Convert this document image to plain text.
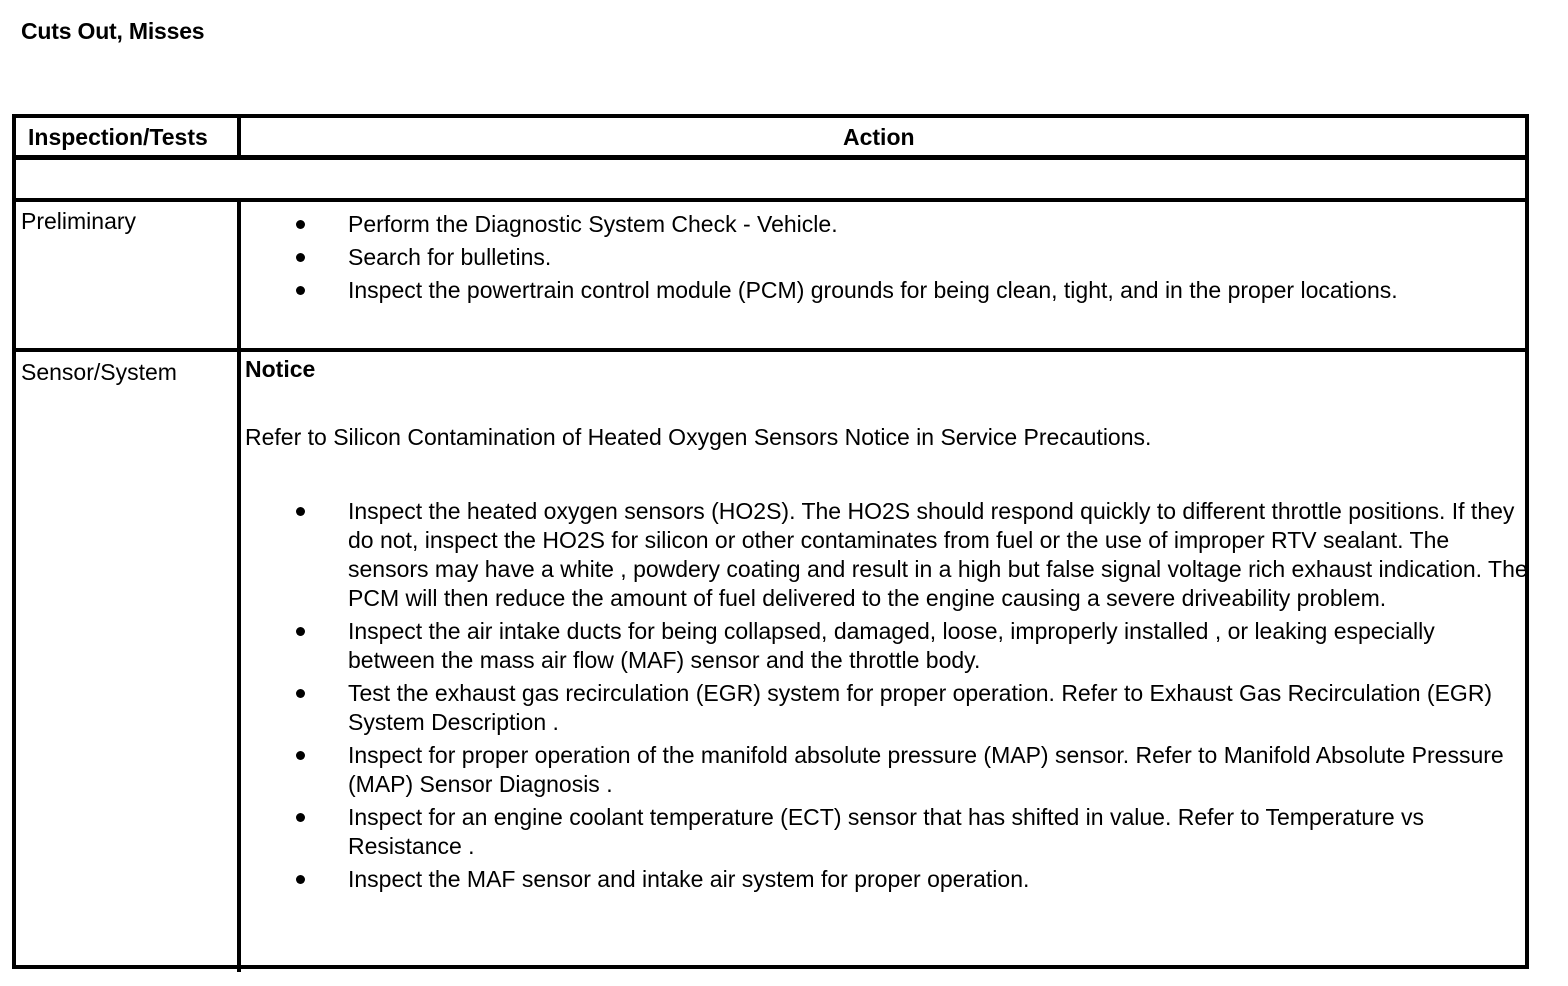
Cuts Out, Misses
Inspection/Tests	Action
Preliminary	Perform the Diagnostic System Check - Vehicle.
Search for bulletins.
Inspect the powertrain control module (PCM) grounds for being clean, tight, and in the proper locations.
Sensor/System	Notice
Refer to Silicon Contamination of Heated Oxygen Sensors Notice in Service Precautions.
Inspect the heated oxygen sensors (HO2S). The HO2S should respond quickly to different throttle positions. If they do not, inspect the HO2S for silicon or other contaminates from fuel or the use of improper RTV sealant. The sensors may have a white , powdery coating and result in a high but false signal voltage rich exhaust indication. The PCM will then reduce the amount of fuel delivered to the engine causing a severe driveability problem.
Inspect the air intake ducts for being collapsed, damaged, loose, improperly installed , or leaking especially between the mass air flow (MAF) sensor and the throttle body.
Test the exhaust gas recirculation (EGR) system for proper operation. Refer to Exhaust Gas Recirculation (EGR) System Description .
Inspect for proper operation of the manifold absolute pressure (MAP) sensor. Refer to Manifold Absolute Pressure (MAP) Sensor Diagnosis .
Inspect for an engine coolant temperature (ECT) sensor that has shifted in value. Refer to Temperature vs Resistance .
Inspect the MAF sensor and intake air system for proper operation.
